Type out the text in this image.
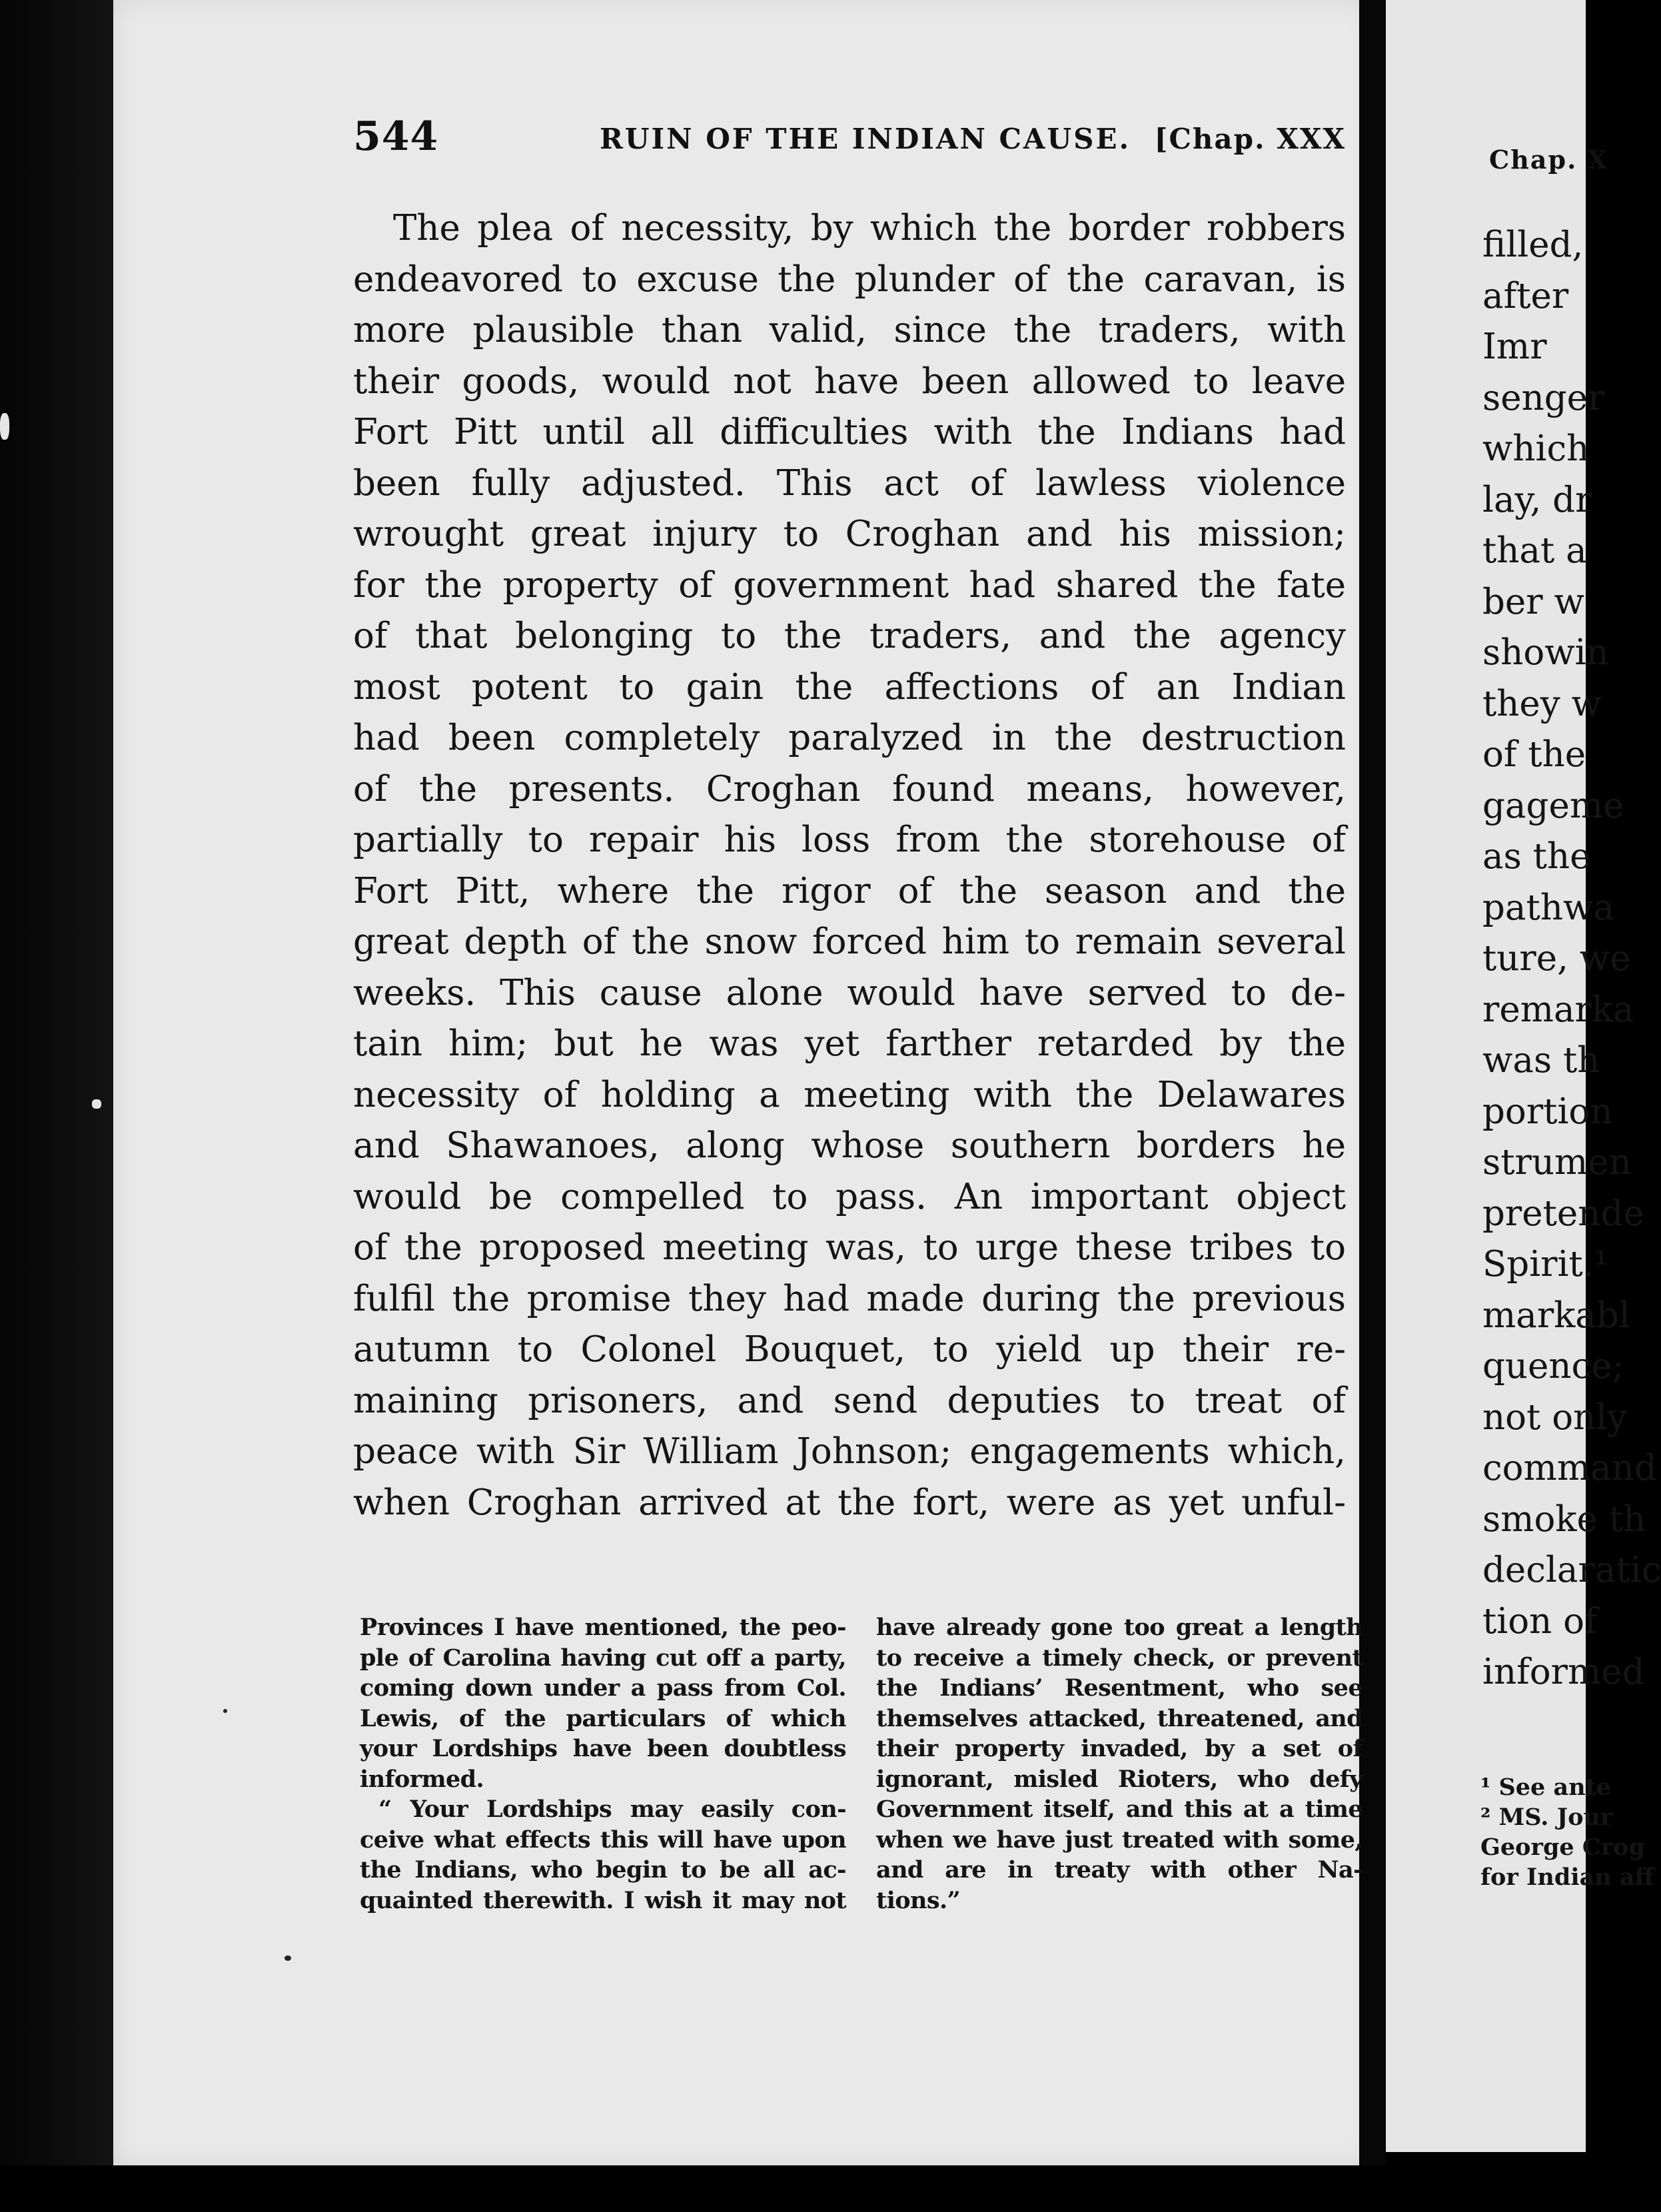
544	RUIN OF THE INDIAN CAUSE. [Chap. XXX
The plea of necessity, by which the border robbers
endeavored to excuse the plunder of the caravan, is
more plausible than valid, since the traders, with
their goods, would not have been allowed to leave
Fort Pitt until all difficulties with the Indians had
been fully adjusted. This act of lawless violence
wrought great injury to Croghan and his mission;
for the property of government had shared the fate
of that belonging to the traders, and the agency
most potent to gain the affections of an Indian
had been completely paralyzed in the destruction
of the presents. Croghan found means, however,
partially to repair his loss from the storehouse of
Fort Pitt, where the rigor of the season and the
great depth of the snow forced him to remain several
weeks. This cause alone would have served to de-
tain him; but he was yet farther retarded by the
necessity of holding a meeting with the Delawares
and Shawanoes, along whose southern borders he
would be compelled to pass. An important object
of the proposed meeting was, to urge these tribes to
fulfil the promise they had made during the previous
autumn to Colonel Bouquet, to yield up their re-
maining prisoners, and send deputies to treat of
peace with Sir William Johnson; engagements which,
when Croghan arrived at the fort, were as yet unful-
Provinces I have mentioned, the peo-
ple of Carolina having cut off a party,
coming down under a pass from Col.
Lewis, of the particulars of which
your Lordships have been doubtless
informed.
“ Your Lordships may easily con-
ceive what effects this will have upon
the Indians, who begin to be all ac-
quainted therewith. I wish it may not
have already gone too great a length
to receive a timely check, or prevent
the Indians’ Resentment, who see
themselves attacked, threatened, and
their property invaded, by a set of
ignorant, misled Rioters, who defy
Government itself, and this at a time
when we have just treated with some,
and are in treaty with other Na-
tions.”
Chap. X
filled,
after
Imr
senger
which
lay, dr
that a
ber w
showin
they w
of the
gageme
as the
pathwa
ture, we
remarka
was th
portion
strumen
pretende
Spirit.¹
markabl
quence;
not only
command
smoke th
declaratic
tion of
informed
¹ See ante
² MS. Jour
George Crog
for Indian aff
